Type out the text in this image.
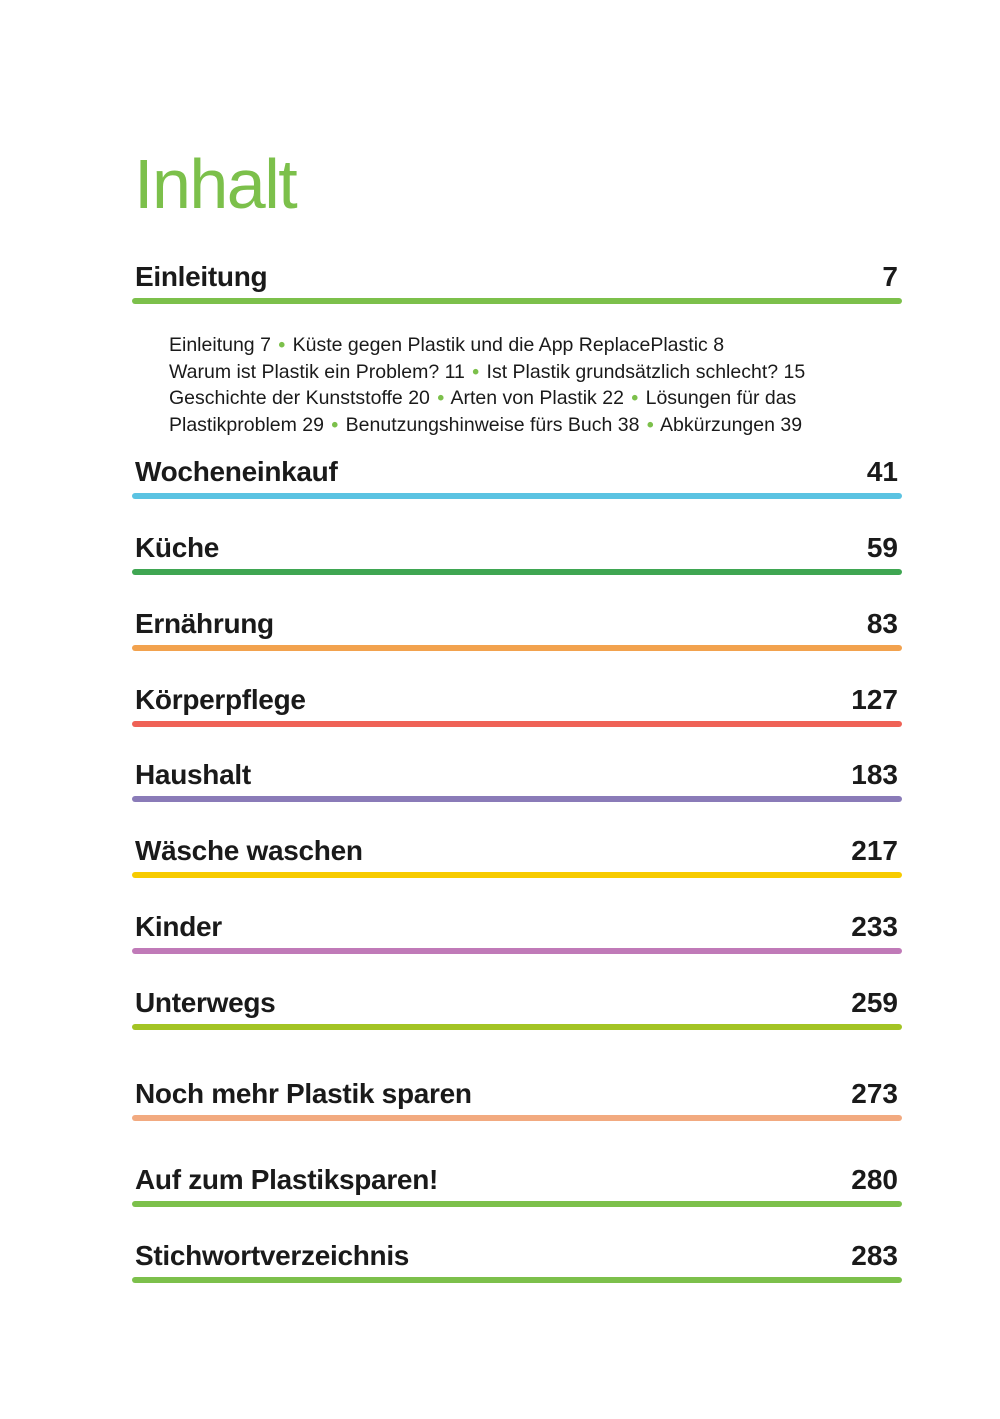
Inhalt
Einleitung	7
Wocheneinkauf	41
Küche	59
Ernährung	83
Körperpflege	127
Haushalt	183
Wäsche waschen	217
Kinder	233
Unterwegs	259
Noch mehr Plastik sparen	273
Auf zum Plastiksparen!	280
Stichwortverzeichnis	283
Einleitung 7 • Küste gegen Plastik und die App ReplacePlastic 8
Warum ist Plastik ein Problem? 11 • Ist Plastik grundsätzlich schlecht? 15
Geschichte der Kunststoffe 20 • Arten von Plastik 22 • Lösungen für das
Plastikproblem 29 • Benutzungshinweise fürs Buch 38 • Abkürzungen 39
